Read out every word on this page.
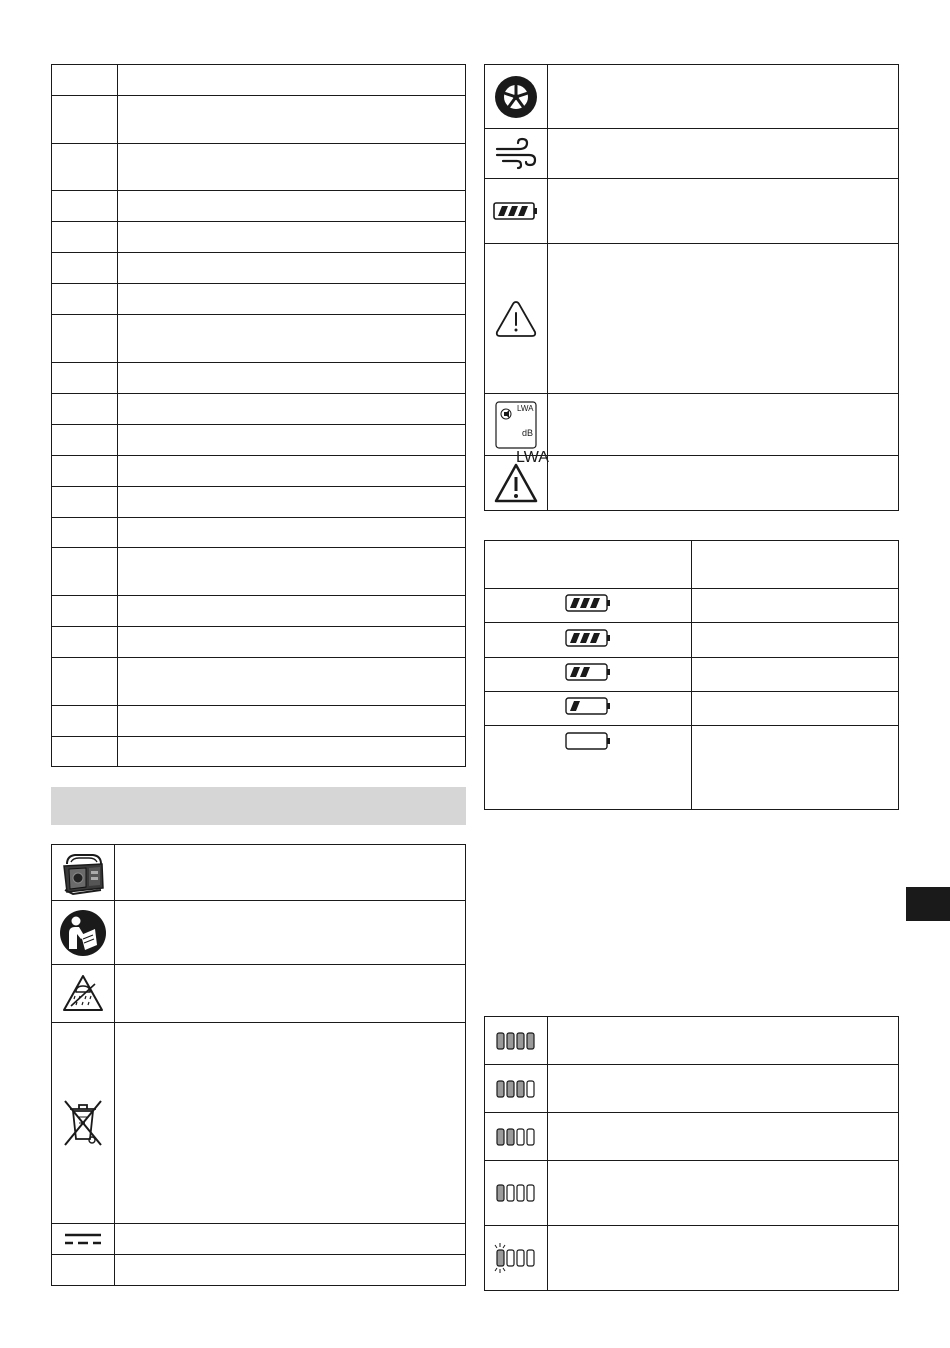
LWA	

LWA
dB
